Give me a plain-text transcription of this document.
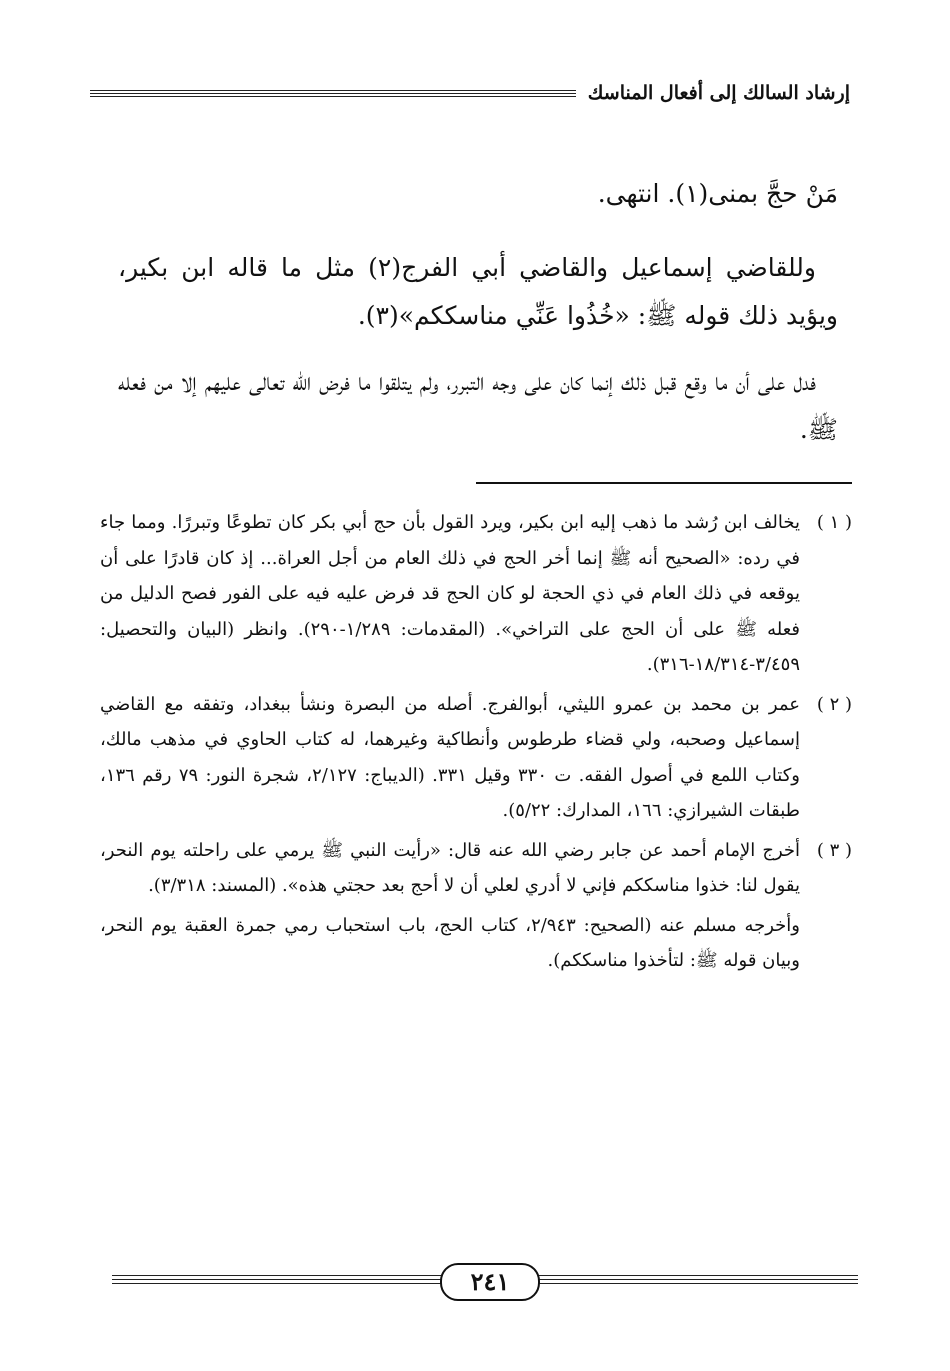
إرشاد السالك إلى أفعال المناسك

مَنْ حجَّ بمنى(١). انتهى.

وللقاضي إسماعيل والقاضي أبي الفرج(٢) مثل ما قاله ابن بكير، ويؤيد ذلك قوله ﷺ: «خُذُوا عَنِّي مناسككم»(٣).

فدل على أن ما وقع قبل ذلك إنما كان على وجه التبرر، ولم يتلقوا ما فرض الله تعالى عليهم إلا من فعله ﷺ.

( ١ )
يخالف ابن رُشد ما ذهب إليه ابن بكير، ويرد القول بأن حج أبي بكر كان تطوعًا وتبررًا. ومما جاء في رده: «الصحيح أنه ﷺ إنما أخر الحج في ذلك العام من أجل العراة... إذ كان قادرًا على أن يوقعه في ذلك العام في ذي الحجة لو كان الحج قد فرض عليه فيه على الفور فصح الدليل من فعله ﷺ على أن الحج على التراخي». (المقدمات: ١/٢٨٩-٢٩٠). وانظر (البيان والتحصيل: ٣/٤٥٩-١٨/٣١٤-٣١٦).
( ٢ )
عمر بن محمد بن عمرو الليثي، أبوالفرج. أصله من البصرة ونشأ ببغداد، وتفقه مع القاضي إسماعيل وصحبه، ولي قضاء طرطوس وأنطاكية وغيرهما، له كتاب الحاوي في مذهب مالك، وكتاب اللمع في أصول الفقه. ت ٣٣٠ وقيل ٣٣١. (الديباج: ٢/١٢٧، شجرة النور: ٧٩ رقم ١٣٦، طبقات الشيرازي: ١٦٦، المدارك: ٥/٢٢).
( ٣ )
أخرج الإمام أحمد عن جابر رضي الله عنه قال: «رأيت النبي ﷺ يرمي على راحلته يوم النحر، يقول لنا: خذوا مناسككم فإني لا أدري لعلي أن لا أحج بعد حجتي هذه». (المسند: ٣/٣١٨).
وأخرجه مسلم عنه (الصحيح: ٢/٩٤٣، كتاب الحج، باب استحباب رمي جمرة العقبة يوم النحر، وبيان قوله ﷺ: لتأخذوا مناسككم).
٢٤١
